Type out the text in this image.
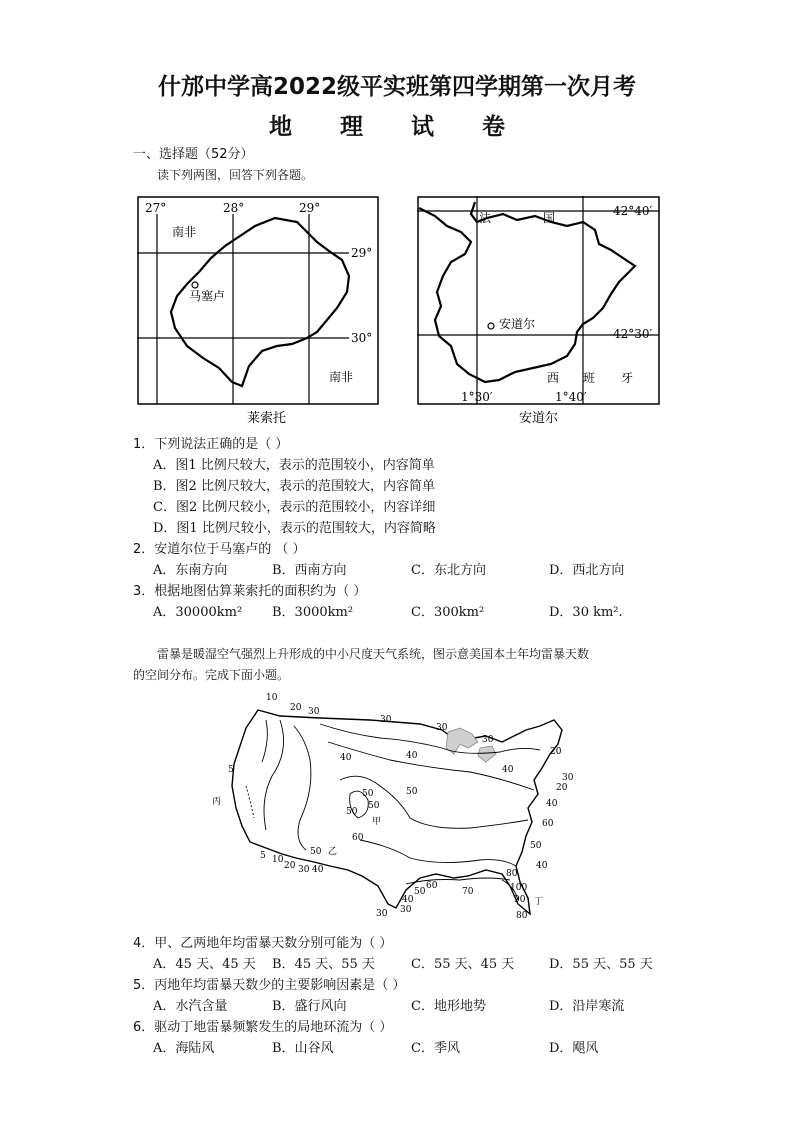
什邡中学高2022级平实班第四学期第一次月考
地 理 试 卷
一、选择题（52分）
读下列两图，回答下列各题。
27°	28°	29°
29°
30°
南非
南非
马塞卢
莱索托
法	国	42°40′
42°30′
安道尔
西 班 牙
1°30′	1°40′
安道尔
1．下列说法正确的是（ ）
A．图1 比例尺较大，表示的范围较小，内容简单
B．图2 比例尺较大，表示的范围较大，内容简单
C．图2 比例尺较小，表示的范围较小，内容详细
D．图1 比例尺较小，表示的范围较大，内容简略
2．安道尔位于马塞卢的 （ ）
A．东南方向	B．西南方向	C．东北方向	D．西北方向
3．根据地图估算莱索托的面积约为（ ）
A．30000km² B．3000km²	C．300km²	D．30 km².
雷暴是暖湿空气强烈上升形成的中小尺度天气系统，图示意美国本土年均雷暴天数
的空间分布。完成下面小题。
10
20 30
30
30
40
30
40
5	40
50
50
50
50
甲
60
50 乙
60
5 10
20 30 40	40
50
40
30
20
30 30
40
50
60
70
80
100
90
80
丁
丙
20
4．甲、乙两地年均雷暴天数分别可能为（ ）
A．45 天、45 天 B．45 天、55 天	C．55 天、45 天	D．55 天、55 天
5．丙地年均雷暴天数少的主要影响因素是（ ）
A．水汽含量	B．盛行风向	C．地形地势	D．沿岸寒流
6．驱动丁地雷暴频繁发生的局地环流为（ ）
A．海陆风	B．山谷风	C．季风	D．飓风
